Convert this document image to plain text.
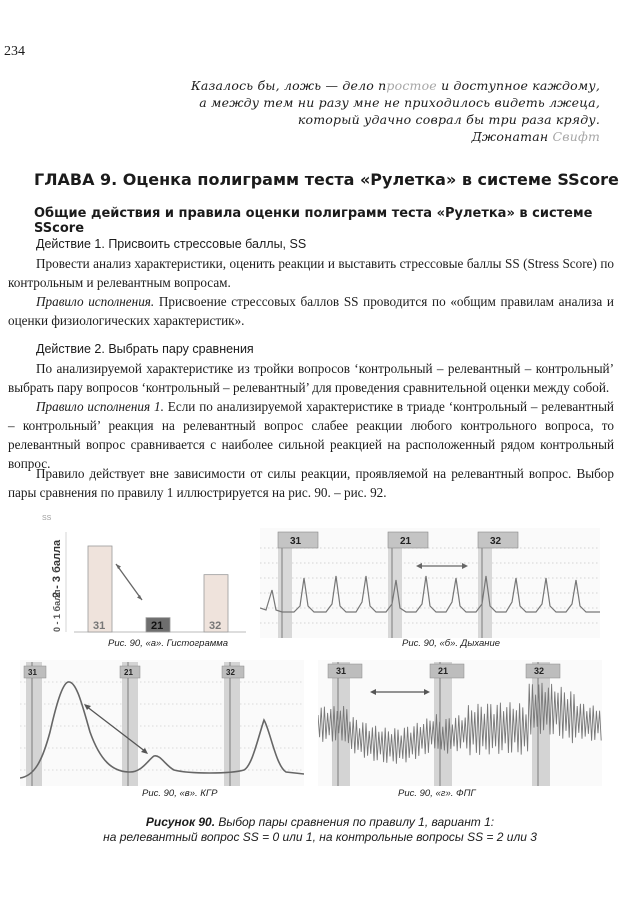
234
Казалось бы, ложь — дело простое и доступное каждому,
а между тем ни разу мне не приходилось видеть лжеца,
который удачно соврал бы три раза кряду.
Джонатан Свифт
ГЛАВА 9. Оценка полиграмм теста «Рулетка» в системе SScore
Общие действия и правила оценки полиграмм теста «Рулетка» в системе SScore
Действие 1. Присвоить стрессовые баллы, SS

Провести анализ характеристики, оценить реакции и выставить стрессовые баллы SS (Stress Score) по контрольным и релевантным вопросам.

Правило исполнения. Присвоение стрессовых баллов SS проводится по «общим правилам анализа и оценки физиологических характеристик».

Действие 2. Выбрать пару сравнения

По анализируемой характеристике из тройки вопросов ‘контрольный – релевантный – контрольный’ выбрать пару вопросов ‘контрольный – релевантный’ для проведения сравнительной оценки между собой.

Правило исполнения 1. Если по анализируемой характеристике в триаде ‘контрольный – релевантный – контрольный’ реакция на релевантный вопрос слабее реакции любого контрольного вопроса, то релевантный вопрос сравнивается с наиболее сильной реакцией на расположенный рядом контрольный вопрос.

Правило действует вне зависимости от силы реакции, проявляемой на релевантный вопрос. Выбор пары сравнения по правилу 1 иллюстрируется на рис. 90. – рис. 92.

SS
2 - 3 балла
0 - 1 балл	31	21	32
Рис. 90, «а». Гистограмма
31	21	32
Рис. 90, «б». Дыхание
31	21	32
Рис. 90, «в». КГР
31	21	32
Рис. 90, «г». ФПГ
Рисунок 90. Выбор пары сравнения по правилу 1, вариант 1:
на релевантный вопрос SS = 0 или 1, на контрольные вопросы SS = 2 или 3
